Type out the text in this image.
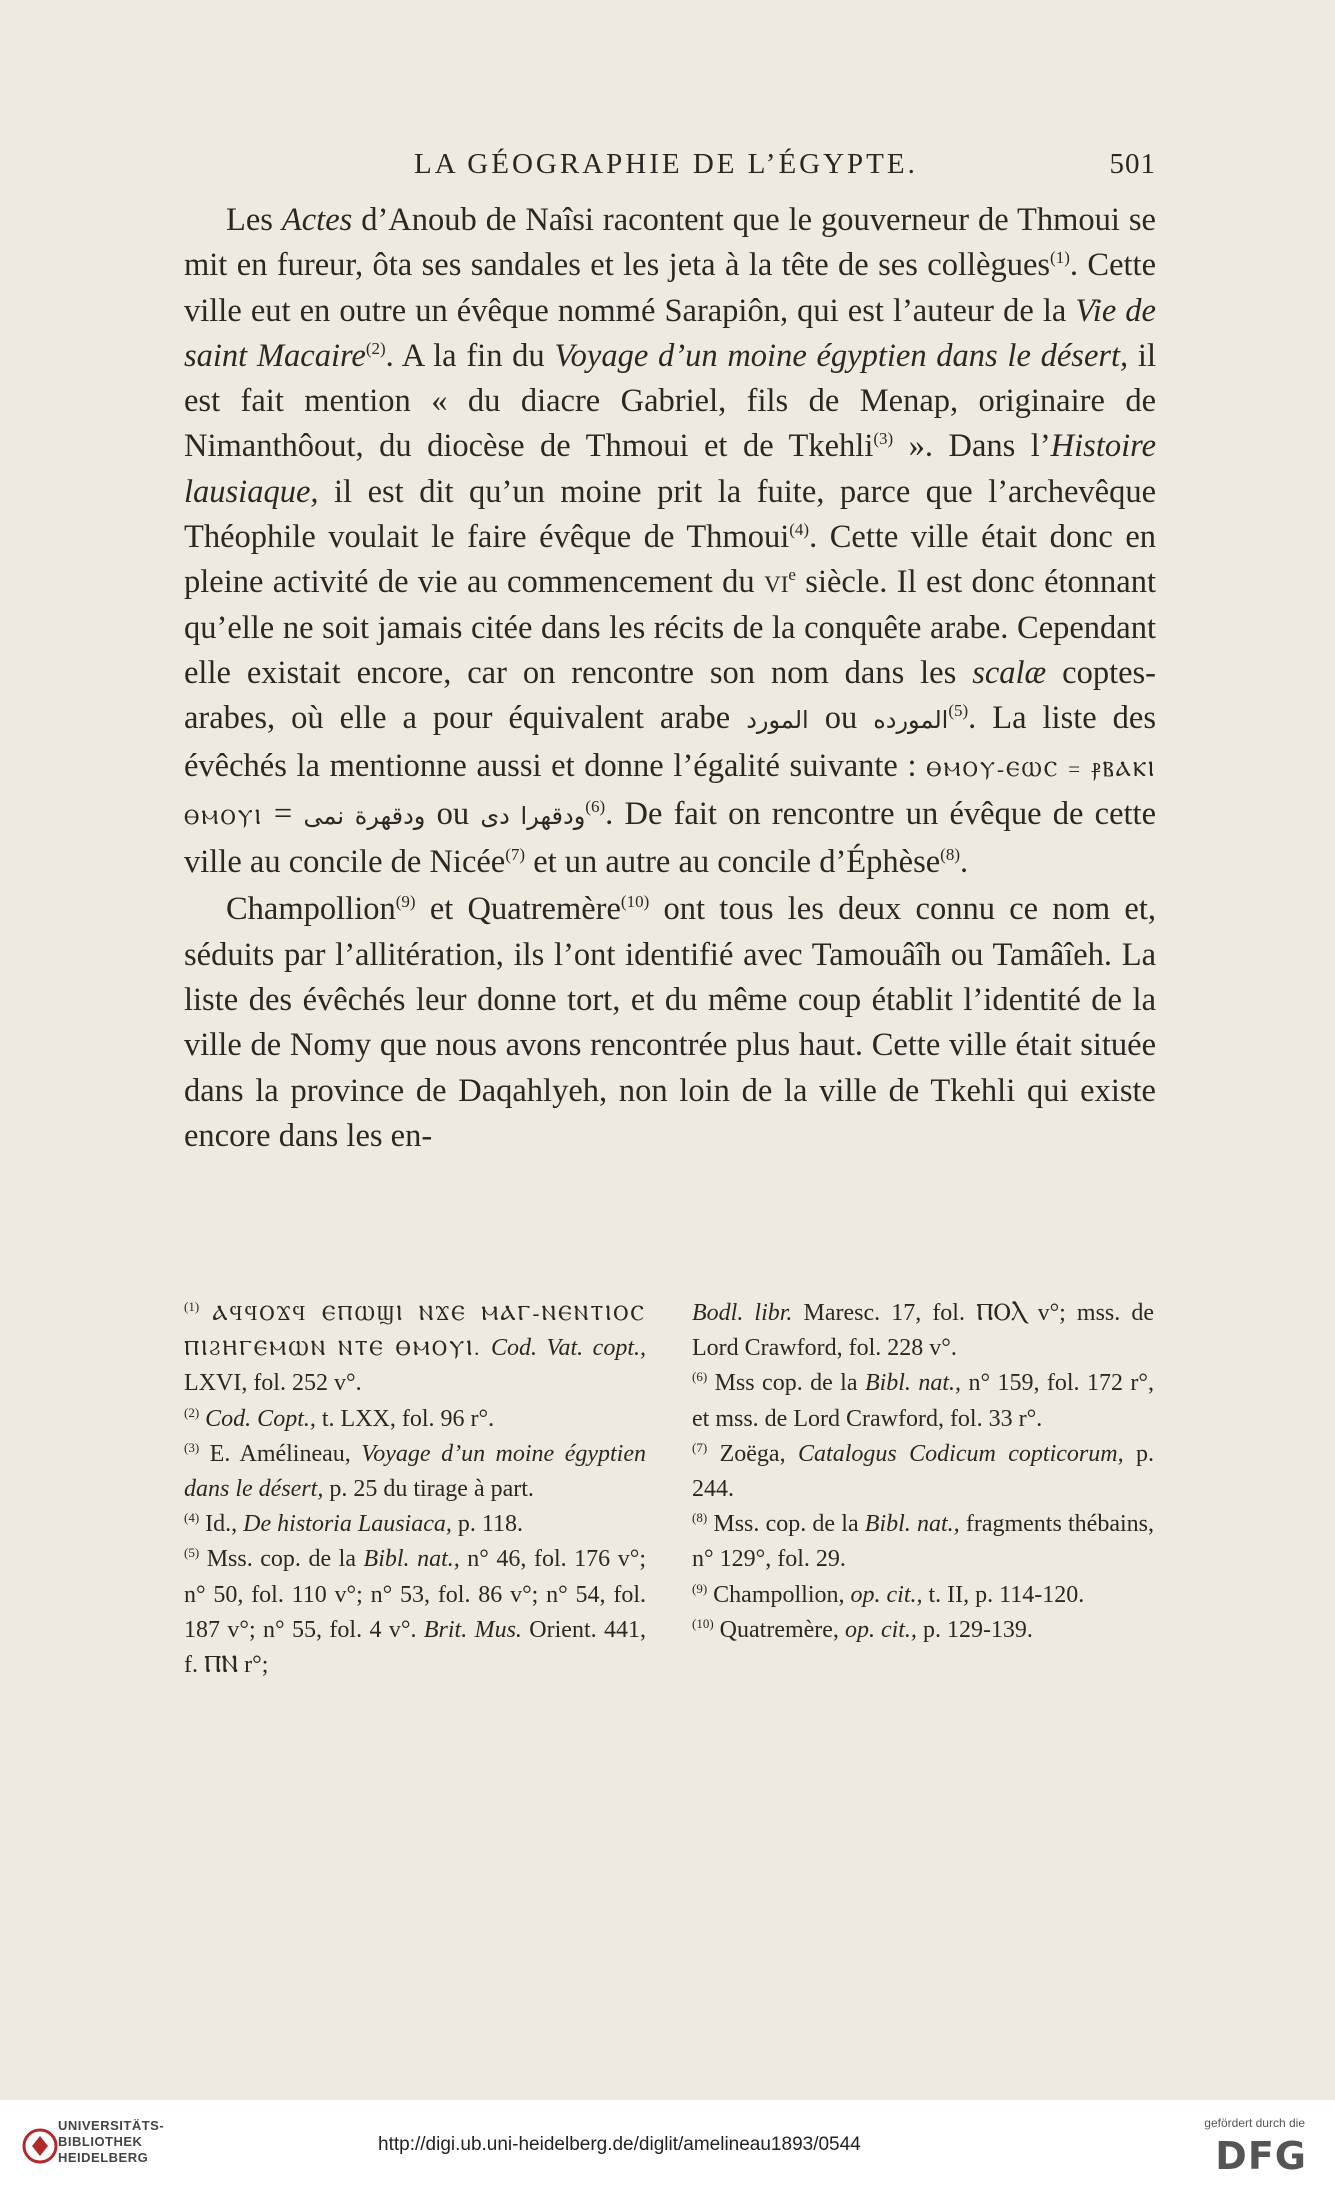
LA GÉOGRAPHIE DE L’ÉGYPTE.	501

Les Actes d’Anoub de Naîsi racontent que le gouverneur de Thmoui se mit en fureur, ôta ses sandales et les jeta à la tête de ses collègues$^{(1)}$. Cette ville eut en outre un évêque nommé Sarapiôn, qui est l’auteur de la Vie de saint Macaire$^{(2)}$. A la fin du Voyage d’un moine égyptien dans le désert, il est fait mention « du diacre Gabriel, fils de Menap, originaire de Nimanthôout, du diocèse de Thmoui et de Tkehli$^{(3)}$ ». Dans l’Histoire lausiaque, il est dit qu’un moine prit la fuite, parce que l’archevêque Théophile voulait le faire évêque de Thmoui$^{(4)}$. Cette ville était donc en pleine activité de vie au commencement du $vi^e$ siècle. Il est donc étonnant qu’elle ne soit jamais citée dans les récits de la conquête arabe. Cependant elle existait encore, car on rencontre son nom dans les scalæ coptes-arabes, où elle a pour équivalent arabe المورد ou المورده$^{(5)}$. La liste des évêchés la mentionne aussi et donne l’égalité suivante : ⲐⲘⲞⲨ-ⲈⲰⲤ = ⳁⲂⲀⲔⲒ ⲐⲘⲞⲨⲒ = ودقهرة نمى ou ودقهرا دى$^{(6)}$. De fait on rencontre un évêque de cette ville au concile de Nicée$^{(7)}$ et un autre au concile d’Éphèse$^{(8)}$.

Champollion$^{(9)}$ et Quatremère$^{(10)}$ ont tous les deux connu ce nom et, séduits par l’allitération, ils l’ont identifié avec Tamouâîh ou Tamâîeh. La liste des évêchés leur donne tort, et du même coup établit l’identité de la ville de Nomy que nous avons rencontrée plus haut. Cette ville était située dans la province de Daqahlyeh, non loin de la ville de Tkehli qui existe encore dans les en-

$^{(1)}$ ⲀϤϤⲞϪϤ ⲈⲠⲰϢⲒ ⲚϪⲈ ⲘⲀⲄ-ⲚⲈⲚⲦⲒⲞⲤ ⲠⲒϨⲎⲄⲈⲘⲰⲚ ⲚⲦⲈ ⲐⲘⲞⲨⲒ. Cod. Vat. copt., LXVI, fol. 252 v°.

$^{(2)}$ Cod. Copt., t. LXX, fol. 96 r°.

$^{(3)}$ E. Amélineau, Voyage d’un moine égyptien dans le désert, p. 25 du tirage à part.

$^{(4)}$ Id., De historia Lausiaca, p. 118.

$^{(5)}$ Mss. cop. de la Bibl. nat., n° 46, fol. 176 v°; n° 50, fol. 110 v°; n° 53, fol. 86 v°; n° 54, fol. 187 v°; n° 55, fol. 4 v°. Brit. Mus. Orient. 441, f. ⲠⲚ r°;

Bodl. libr. Maresc. 17, fol. ⲠⲞⲖ v°; mss. de Lord Crawford, fol. 228 v°.

$^{(6)}$ Mss cop. de la Bibl. nat., n° 159, fol. 172 r°, et mss. de Lord Crawford, fol. 33 r°.

$^{(7)}$ Zoëga, Catalogus Codicum copticorum, p. 244.

$^{(8)}$ Mss. cop. de la Bibl. nat., fragments thébains, n° 129°, fol. 29.

$^{(9)}$ Champollion, op. cit., t. II, p. 114-120.

$^{(10)}$ Quatremère, op. cit., p. 129-139.

UNIVERSITÄTS-
BIBLIOTHEK
HEIDELBERG
http://digi.ub.uni-heidelberg.de/diglit/amelineau1893/0544
gefördert durch die
DFG
